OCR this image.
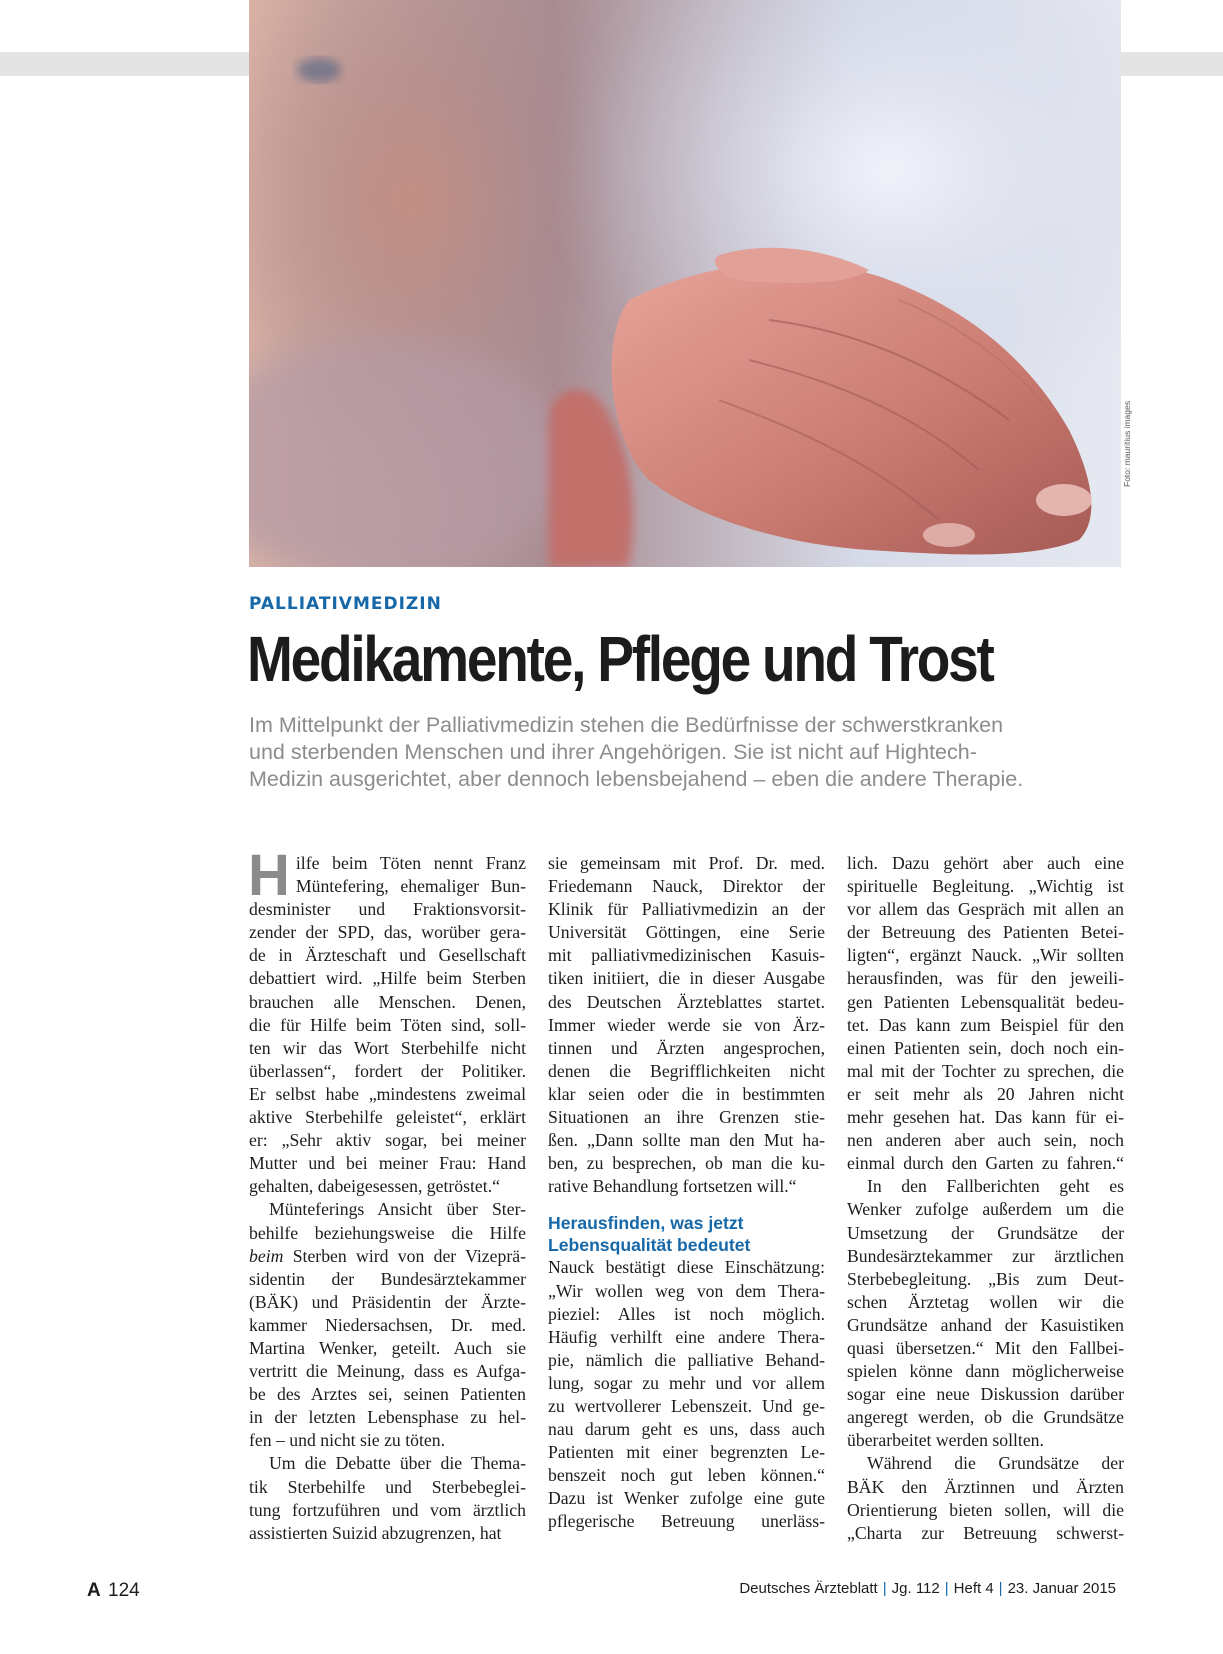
Foto: mauritius images
PALLIATIVMEDIZIN
Medikamente, Pflege und Trost
Im Mittelpunkt der Palliativmedizin stehen die Bedürfnisse der schwerstkranken
und sterbenden Menschen und ihrer Angehörigen. Sie ist nicht auf Hightech-
Medizin ausgerichtet, aber dennoch lebensbejahend – eben die andere Therapie.
H ilfe beim Töten nennt Franz
Müntefering, ehemaliger Bun-
desminister und Fraktionsvorsit-
zender der SPD, das, worüber gera-
de in Ärzteschaft und Gesellschaft
debattiert wird. „Hilfe beim Sterben
brauchen alle Menschen. Denen,
die für Hilfe beim Töten sind, soll-
ten wir das Wort Sterbehilfe nicht
überlassen“, fordert der Politiker.
Er selbst habe „mindestens zweimal
aktive Sterbehilfe geleistet“, erklärt
er: „Sehr aktiv sogar, bei meiner
Mutter und bei meiner Frau: Hand
gehalten, dabeigesessen, getröstet.“
Münteferings Ansicht über Ster-
behilfe beziehungsweise die Hilfe
beim Sterben wird von der Vizeprä-
sidentin der Bundesärztekammer
(BÄK) und Präsidentin der Ärzte-
kammer Niedersachsen, Dr. med.
Martina Wenker, geteilt. Auch sie
vertritt die Meinung, dass es Aufga-
be des Arztes sei, seinen Patienten
in der letzten Lebensphase zu hel-
fen – und nicht sie zu töten.
Um die Debatte über die Thema-
tik Sterbehilfe und Sterbebeglei-
tung fortzuführen und vom ärztlich
assistierten Suizid abzugrenzen, hat
sie gemeinsam mit Prof. Dr. med.
Friedemann Nauck, Direktor der
Klinik für Palliativmedizin an der
Universität Göttingen, eine Serie
mit palliativmedizinischen Kasuis-
tiken initiiert, die in dieser Ausgabe
des Deutschen Ärzteblattes startet.
Immer wieder werde sie von Ärz-
tinnen und Ärzten angesprochen,
denen die Begrifflichkeiten nicht
klar seien oder die in bestimmten
Situationen an ihre Grenzen stie-
ßen. „Dann sollte man den Mut ha-
ben, zu besprechen, ob man die ku-
rative Behandlung fortsetzen will.“
Herausfinden, was jetzt
Lebensqualität bedeutet
Nauck bestätigt diese Einschätzung:
„Wir wollen weg von dem Thera-
pieziel: Alles ist noch möglich.
Häufig verhilft eine andere Thera-
pie, nämlich die palliative Behand-
lung, sogar zu mehr und vor allem
zu wertvollerer Lebenszeit. Und ge-
nau darum geht es uns, dass auch
Patienten mit einer begrenzten Le-
benszeit noch gut leben können.“
Dazu ist Wenker zufolge eine gute
pflegerische Betreuung unerläss-
lich. Dazu gehört aber auch eine
spirituelle Begleitung. „Wichtig ist
vor allem das Gespräch mit allen an
der Betreuung des Patienten Betei-
ligten“, ergänzt Nauck. „Wir sollten
herausfinden, was für den jeweili-
gen Patienten Lebensqualität bedeu-
tet. Das kann zum Beispiel für den
einen Patienten sein, doch noch ein-
mal mit der Tochter zu sprechen, die
er seit mehr als 20 Jahren nicht
mehr gesehen hat. Das kann für ei-
nen anderen aber auch sein, noch
einmal durch den Garten zu fahren.“
In den Fallberichten geht es
Wenker zufolge außerdem um die
Umsetzung der Grundsätze der
Bundesärztekammer zur ärztlichen
Sterbebegleitung. „Bis zum Deut-
schen Ärztetag wollen wir die
Grundsätze anhand der Kasuistiken
quasi übersetzen.“ Mit den Fallbei-
spielen könne dann möglicherweise
sogar eine neue Diskussion darüber
angeregt werden, ob die Grundsätze
überarbeitet werden sollten.
Während die Grundsätze der
BÄK den Ärztinnen und Ärzten
Orientierung bieten sollen, will die
„Charta zur Betreuung schwerst-
A 124	Deutsches Ärzteblatt | Jg. 112 | Heft 4 | 23. Januar 2015
